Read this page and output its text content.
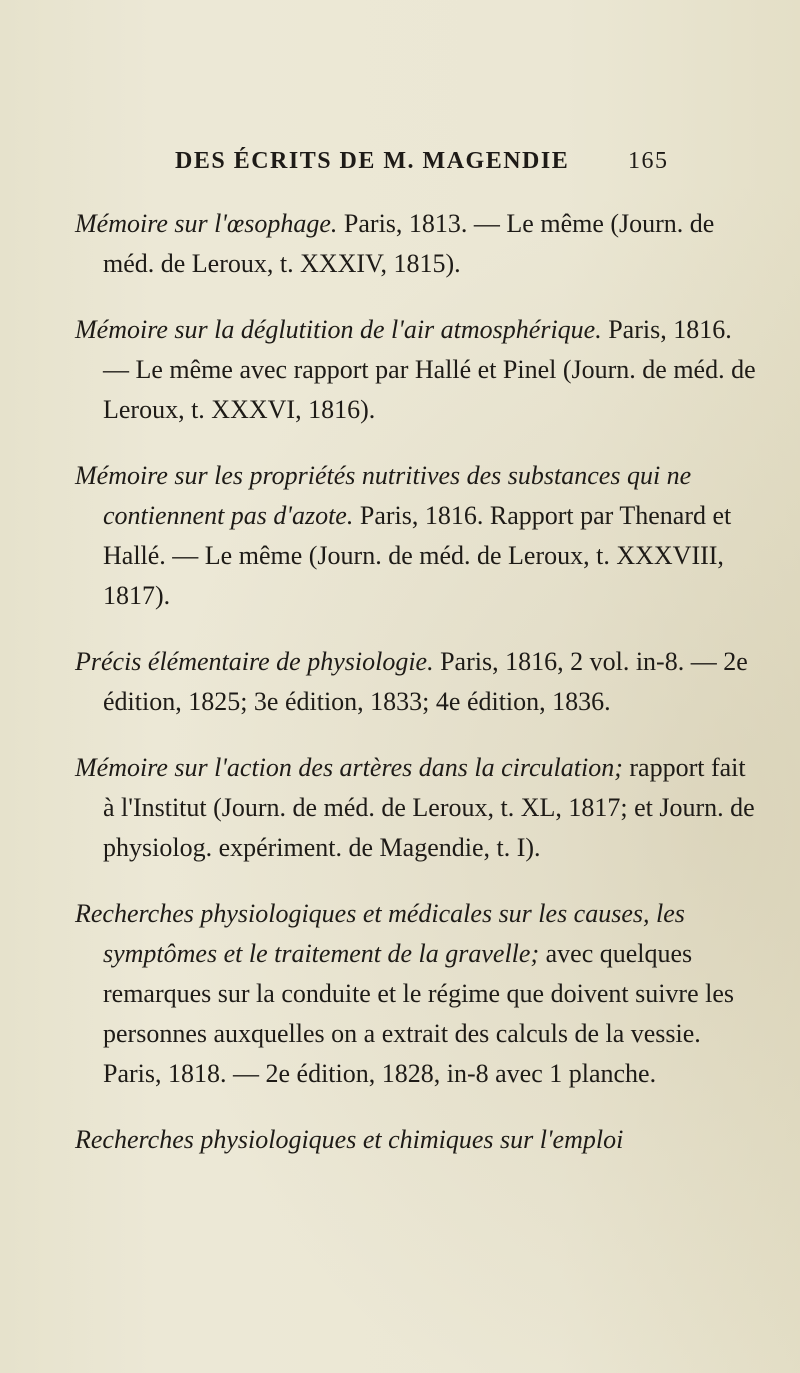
DES ÉCRITS DE M. MAGENDIE 165

Mémoire sur l'œsophage. Paris, 1813. — Le même (Journ. de méd. de Leroux, t. XXXIV, 1815).

Mémoire sur la déglutition de l'air atmosphérique. Paris, 1816. — Le même avec rapport par Hallé et Pinel (Journ. de méd. de Leroux, t. XXXVI, 1816).

Mémoire sur les propriétés nutritives des substances qui ne contiennent pas d'azote. Paris, 1816. Rapport par Thenard et Hallé. — Le même (Journ. de méd. de Leroux, t. XXXVIII, 1817).

Précis élémentaire de physiologie. Paris, 1816, 2 vol. in-8. — 2e édition, 1825; 3e édition, 1833; 4e édition, 1836.

Mémoire sur l'action des artères dans la circulation; rapport fait à l'Institut (Journ. de méd. de Leroux, t. XL, 1817; et Journ. de physiolog. expériment. de Magendie, t. I).

Recherches physiologiques et médicales sur les causes, les symptômes et le traitement de la gravelle; avec quelques remarques sur la conduite et le régime que doivent suivre les personnes auxquelles on a extrait des calculs de la vessie. Paris, 1818. — 2e édition, 1828, in-8 avec 1 planche.

Recherches physiologiques et chimiques sur l'emploi
